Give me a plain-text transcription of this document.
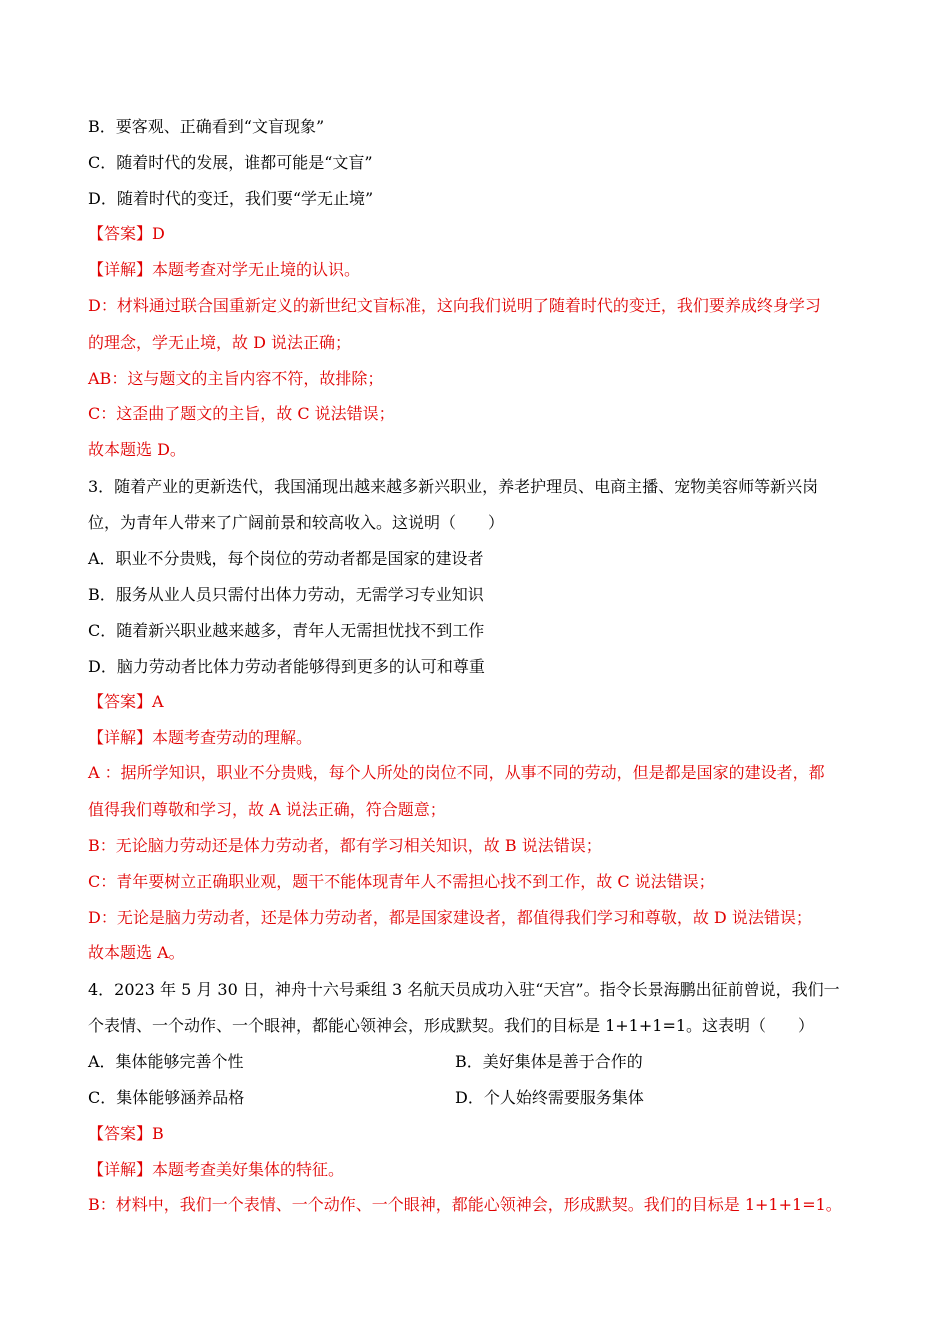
B．要客观、正确看到“文盲现象”
C．随着时代的发展，谁都可能是“文盲”
D．随着时代的变迁，我们要“学无止境”
【答案】D
【详解】本题考查对学无止境的认识。
D：材料通过联合国重新定义的新世纪文盲标准，这向我们说明了随着时代的变迁，我们要养成终身学习
的理念，学无止境，故 D 说法正确；
AB：这与题文的主旨内容不符，故排除；
C：这歪曲了题文的主旨，故 C 说法错误；
故本题选 D。
3．随着产业的更新迭代，我国涌现出越来越多新兴职业，养老护理员、电商主播、宠物美容师等新兴岗
位，为青年人带来了广阔前景和较高收入。这说明（　　）
A．职业不分贵贱，每个岗位的劳动者都是国家的建设者
B．服务从业人员只需付出体力劳动，无需学习专业知识
C．随着新兴职业越来越多，青年人无需担忧找不到工作
D．脑力劳动者比体力劳动者能够得到更多的认可和尊重
【答案】A
【详解】本题考查劳动的理解。
A ：据所学知识，职业不分贵贱，每个人所处的岗位不同，从事不同的劳动，但是都是国家的建设者，都
值得我们尊敬和学习，故 A 说法正确，符合题意；
B：无论脑力劳动还是体力劳动者，都有学习相关知识，故 B 说法错误；
C：青年要树立正确职业观，题干不能体现青年人不需担心找不到工作，故 C 说法错误；
D：无论是脑力劳动者，还是体力劳动者，都是国家建设者，都值得我们学习和尊敬，故 D 说法错误；
故本题选 A。
4．2023 年 5 月 30 日，神舟十六号乘组 3 名航天员成功入驻“天宫”。指令长景海鹏出征前曾说，我们一
个表情、一个动作、一个眼神，都能心领神会，形成默契。我们的目标是 1+1+1=1。这表明（　　）
A．集体能够完善个性	B．美好集体是善于合作的
C．集体能够涵养品格	D．个人始终需要服务集体
【答案】B
【详解】本题考查美好集体的特征。
B：材料中，我们一个表情、一个动作、一个眼神，都能心领神会，形成默契。我们的目标是 1+1+1=1。
